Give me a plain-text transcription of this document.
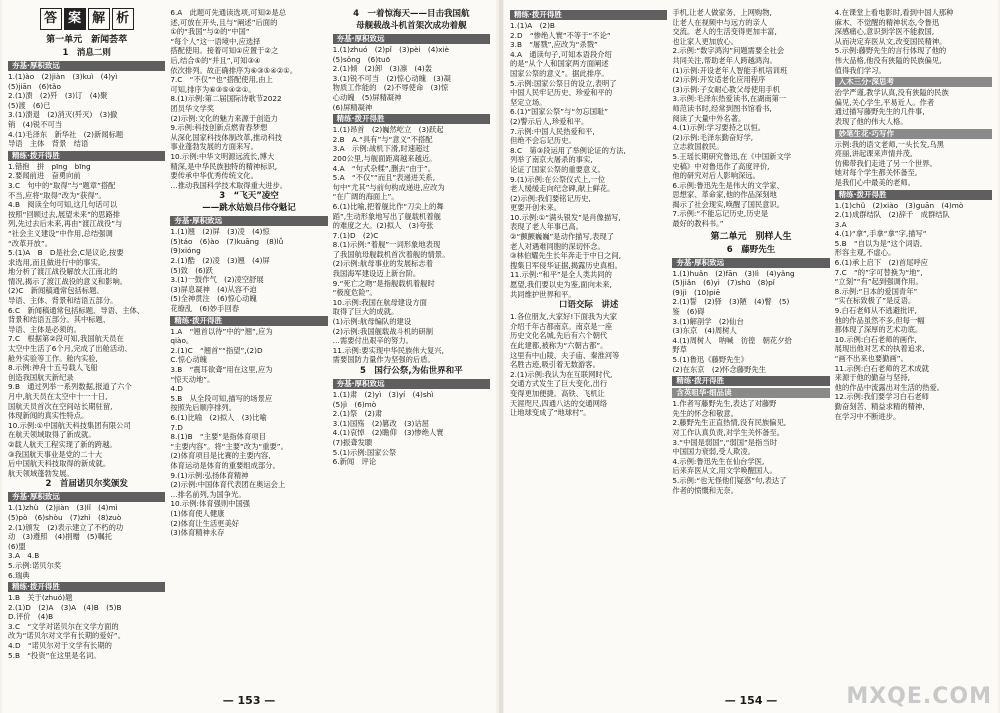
答 案 解 析
第一单元　新闻荟萃
1　消息二则
夯基·厚积致远

1.(1)ào　(2)jiàn　(3)kuì　(4)yì

(5)jiān　(6)tǎo

2.(1)溃　(2)歼　(3)订　(4)聚

(5)渡　(6)已

3.(1)溃退　(2)消灭(歼灭)　(3)撤

销　(4)锐不可当

4.(1)毛泽东　新华社　(2)新闻标题

导语　主体　背景　结语

精练·拨开得胜

1.错抱　拼　pīng　bīng

2.要闻前进　奋勇向前

3.C　句中的“取得”与“题章”搭配

不当,应将“取得”改为“获得”。

4.B　阅读全句可知,这几句话可以

按照“回顾过去,展望未来”的思路排

列,先过去后未来,再由“渡江战役”与

“社会主义建设”中作用,总结强调

“改革开放”。

5.(1)A　B　D是社会,C是议论,按要

求选用,而且做进行中的事实,

地分析了渡江战役解放大江南北的

情况,揭示了渡江战役的意义和影响。

(2)C　新闻稿通常包括标题、

导语、主体、背景和结语五部分。

6.C　新闻稿通常包括标题、导语、主体、

背景和结语五部分。其中标题、

导语、主体是必须的。

7.C　根据第②段可知,我国航天员在

太空中生活了6个月,完成了出舱活动、

舱外实验等工作。舱内实验,

8.示例:神舟十五号载人飞船

创造我国航天新纪录

9.B　通过列举一系列数据,报道了六个

月中,航天员在太空中十一十日,

国航天员首次在空间站长期驻留,

体现新闻的真实性特点。

10.示例:①中国航天科技集团有限公司

在航天领域取得了新成就。

②载人航天工程实现了新的跨越。

③我国航天事业是党的二十大

后中国航天科技取得的新成就。

航天领域蓬勃发展。

2　首届诺贝尔奖颁发
夯基·厚积致远

1.(1)zhù　(2)jiàn　(3)lǐ　(4)mì

(5)pò　(6)shòu　(7)zhì　(8)zuò

2.(1)颁发　(2)表示建立了不朽的功

动　(3)遵照　(4)捐赠　(5)嘱托

(6)盟

3.A　4.B

5.示例:诺贝尔奖

6.瑞典

精练·拨开得胜

1.B　关于(zhuó)题

2.(1)D　(2)A　(3)A　(4)B　(5)B

D.评价　(4)B

3.C　“文学对诺贝尔在文学方面的

改为“诺贝尔对文学有长期的爱好”。

4.D　“诺贝尔对于文学有长期的

5.B　“投资”在这里是名词。

6.A　此题可先通读选项,可知②是总

述,可放在开头,且与“阐述”后面的

①的“我国”与②的“中国”

“每个人”这一语境中,应选择

搭配使用。接着可知①应置于②之

后,结合⑤的“并且”,可知③④

依次排列。故正确排序为⑥③⑤④②①。

7.C　“不仅”“也”搭配使用,由上

可知,排序为⑥③⑤④②①。

8.(1)示例:第二届国际诗歌节2022

团员华文学奖

(2)示例:文化的魅力来源于创造力

9.示例:科技创新点燃青春梦想

从深化国家科技体制改革,推动科技

事业蓬勃发展的方面来写。

10.示例:中华文明源远流长,博大

精深,是中华民族独特的精神标识,

要传承中华优秀传统文化。

…推动我国科学技术取得重大进步。

3　“飞天”凌空
——跳水姑娘吕伟夺魁记
夯基·厚积致远

1.(1)翘　(2)屏　(3)凌　(4)惊

(5)táo　(6)ào　(7)kuāng　(8)lǚ

(9)xióng

2.(1)酷　(2)凌　(3)翘　(4)屏

(5)致　(6)跃

3.(1)一鼓作气　(2)凌空舒展

(3)屏息凝神　(4)从容不迫

(5)全神贯注　(6)惊心动魄

花缭乱　(6)妙手回春

精练·拨开得胜

1.A　“翘首以待”中的“翘”,应为

qiào。

2.(1)C　“翘首”“指望”,(2)D

C.惊心动魄

3.B　“震耳欲聋”用在这里,应为

“惊天动地”。

4.D

5.B　从全段可知,描写的场景应

按照先后顺序排列。

6.(1)比喻　(2)拟人　(3)比喻

7.D

8.(1)B　“主要”是指体育项目

“主要内容”。将“主要”改为“重要”。

(2)体育项目是比赛的主要内容,

体育运动是体育的重要组成部分。

9.(1)示例:弘扬体育精神

(2)示例:中国体育代表团在奥运会上

…排名前列,为国争光。

10.示例:体育强则中国强

(1)体育使人健康

(2)体育让生活更美好

(3)体育精神永存

4　一着惊海天——目击我国航
母舰载战斗机首架次成功着舰
夯基·厚积致远

1.(1)zhuó　(2)pǐ　(3)pèi　(4)xiè

(5)sǒng　(6)tuō

2.(1)倾　(2)卸　(3)凛　(4)轰

3.(1)锐不可当　(2)惊心动魄　(3)凝

物质工作能的　(2)不辱使命　(3)惊

心动魄　(5)屏精凝神

(6)屏精凝神

精练·拨开得胜

1.(1)昂首　(2)巍然屹立　(3)跃起

2.B　A.“具有”与“意义”不搭配

3.A　示例:战机下滑,时速超过

200公里,与舰面距离越来越近。

4.A　“句式杂糅”,删去“由于”。

5.A　“不仅”“而且”表递进关系,

句中“尤其”与前句构成递进,应改为

“在广阔的海面上”。

6.(1)比喻,把着舰比作“刀尖上的舞

蹈”,生动形象地写出了舰载机着舰

的难度之大。(2)拟人　(3)夸张

7.(1)D　(2)C

8.(1)示例:“着舰”一词形象地表现

了我国航母舰载机首次着舰的情景。

(2)示例:航母事业的发展标志着

我国海军建设迈上新台阶。

9.“死亡之吻”是指舰载机着舰时

“极度危险”。

10.示例:我国在航母建设方面

取得了巨大的成就。

(1)示例:航母编队的建设

(2)示例:我国舰载战斗机的研制

…需要付出艰辛的努力。

11.示例:要实现中华民族伟大复兴,

需要国防力量作为坚强的后盾。

5　国行公祭,为佑世界和平
夯基·厚积致远

1.(1)肃　(2)yì　(3)yí　(4)shì

(5)jì　(6)mò

2.(1)祭　(2)肃

3.(1)国殇　(2)篡改　(3)诂屈

4.(1)哀悼　(2)瞻仰　(3)惨绝人寰

(7)振聋发聩

5.(1)示例:国家公祭

6.新闻　评论

— 153 —
精练·拨开得胜

1.(1)A　(2)B

2.D　“惨绝人寰”不等于“不论”

3.B　“屠戮”,应改为“杀戮”

4.A　通读句子,可知本语段介绍

的是“从个人和国家两方面阐述

国家公祭的意义”。据此排序。

5.示例:国家公祭日的设立,表明了

中国人民牢记历史、珍爱和平的

坚定立场。

6.(1)“国家公祭”与“勿忘国耻”

(2)警示后人,珍爱和平。

7.示例:中国人民热爱和平,

但绝不会忘记历史。

8.C　第③段运用了举例论证的方法,

列举了南京大屠杀的事实,

论证了国家公祭的重要意义。

9.(1)示例:在公祭仪式上,一位

老人缓缓走向纪念碑,献上鲜花。

(2)示例:我们要铭记历史,

更要开创未来。

10.示例:①“满头银发”是肖像描写,

表现了老人年事已高。

②“颤颤巍巍”是动作描写,表现了

老人对遇难同胞的深切怀念。

③林伯耀先生长年奔走于中日之间,

搜集日军侵华证据,揭露历史真相。

11.示例:“和平”是全人类共同的

愿望,我们要以史为鉴,面向未来,

共同维护世界和平。

口语交际　讲述

1.各位朋友,大家好!下面我为大家

介绍千年古都南京。南京是一座

历史文化名城,先后有六个朝代

在此建都,被称为“六朝古都”。

这里有中山陵、夫子庙、秦淮河等

名胜古迹,吸引着无数游客。

2.(1)示例:我认为在互联网时代,

交通方式发生了巨大变化,出行

变得更加便捷。高铁、飞机让

天涯咫尺,四通八达的交通网络

让地球变成了“地球村”。

手机,让老人做家务、上网购物,

让老人在视频中与远方的亲人

交流。老人的生活变得更加丰富,

也让家人更加放心。

2.示例:“数字鸿沟”问题需要全社会

共同关注,帮助老年人跨越鸿沟。

(1)示例:开设老年人智能手机培训班

(2)示例:开发适老化应用程序

(3)示例:子女耐心教父母使用手机

3.示例:毛泽东热爱读书,在湖南第一

师范读书时,经常到图书馆看书,

阅读了大量中外名著。

4.(1)示例:学习要持之以恒。

(2)示例:毛泽东勤奋好学,

立志救国救民。

5.王瑶长期研究鲁迅,在《中国新文学

史稿》中对鲁迅作了高度评价,

他的研究对后人影响深远。

6.示例:鲁迅先生是伟大的文学家、

思想家、革命家,他的作品深刻地

揭示了社会现实,唤醒了国民意识。

7.示例:“不能忘记历史,历史是

最好的教科书。”

第二单元　别样人生
6　藤野先生
夯基·厚积致远

1.(1)huǎn　(2)fān　(3)lì　(4)yǎng

(5)jiǎn　(6)yì　(7)shū　(8)pǐ

(9)jì　(10)piē

2.(1)誓　(2)驿　(3)陋　(4)瞥　(5)

鉴　(6)碍

3.(1)解剖学　(2)仙台

(3)东京　(4)周树人

4.(1)周树人　呐喊　彷徨　朝花夕拾

野草

5.(1)鲁迅《藤野先生》

(2)在东京　(2)怀念藤野先生

精练·拨开得胜
含英咀华·细品读

1.作者写藤野先生,表达了对藤野

先生的怀念和敬意。

2.藤野先生正直热情,没有民族偏见,

对工作认真负责,对学生关怀备至。

3.“中国是弱国”,“弱国”是指当时

中国国力衰弱,受人欺凌。

4.示例:鲁迅先生在仙台学医,

后来弃医从文,用文学唤醒国人。

5.示例:“也无怪他们疑惑”句,表达了

作者的愤慨和无奈。

4.在课堂上看电影时,看到中国人那种

麻木、不觉醒的精神状态,令鲁迅

深感痛心,意识到学医不能救国,

从而决定弃医从文,改变国民精神。

5.示例:藤野先生的言行体现了他的

伟大品格,他没有狭隘的民族偏见,

值得我们学习。

入木三分·深思考

治学严谨,教学认真,没有狭隘的民族

偏见,关心学生,平易近人。作者

通过描写藤野先生的几件事,

表现了他的伟大人格。

妙笔生花·巧写作

示例:我的语文老师,一头长发,乌黑

亮丽,讲起课来声情并茂,

仿佛带我们走进了另一个世界。

她对每个学生都关怀备至,

是我们心中最美的老师。

精练·拨开得胜

1.(1)chǔ　(2)xiào　(3)guān　(4)mò

2.(1)成群结队　(2)辞千　成群结队

3.A

4.(1)“拿”,手拿“拿”字,描写“

5.B　“自以为是”这个词语,

形容主观,不虚心。

6.(1)承上启下　(2)首尾呼应

7.C　“的”字可替换为“地”,

“立刻”“有”起到强调作用。

8.示例:“日本的爱国青年”

“实在标致极了”是反语。

9.白石老师从不逃避批评,

他的作品虽然不多,但每一幅

都体现了深厚的艺术功底。

10.示例:白石老师的画作,

展现出他对艺术的执着追求,

“画不出来也要勤画”。

11.示例:白石老师的艺术成就

来源于他的勤奋与坚持,

他的作品中流露出对生活的热爱。

12.示例:我们要学习白石老师

勤奋刻苦、精益求精的精神,

在学习中不断进步。

— 154 —	MXQE.COM
